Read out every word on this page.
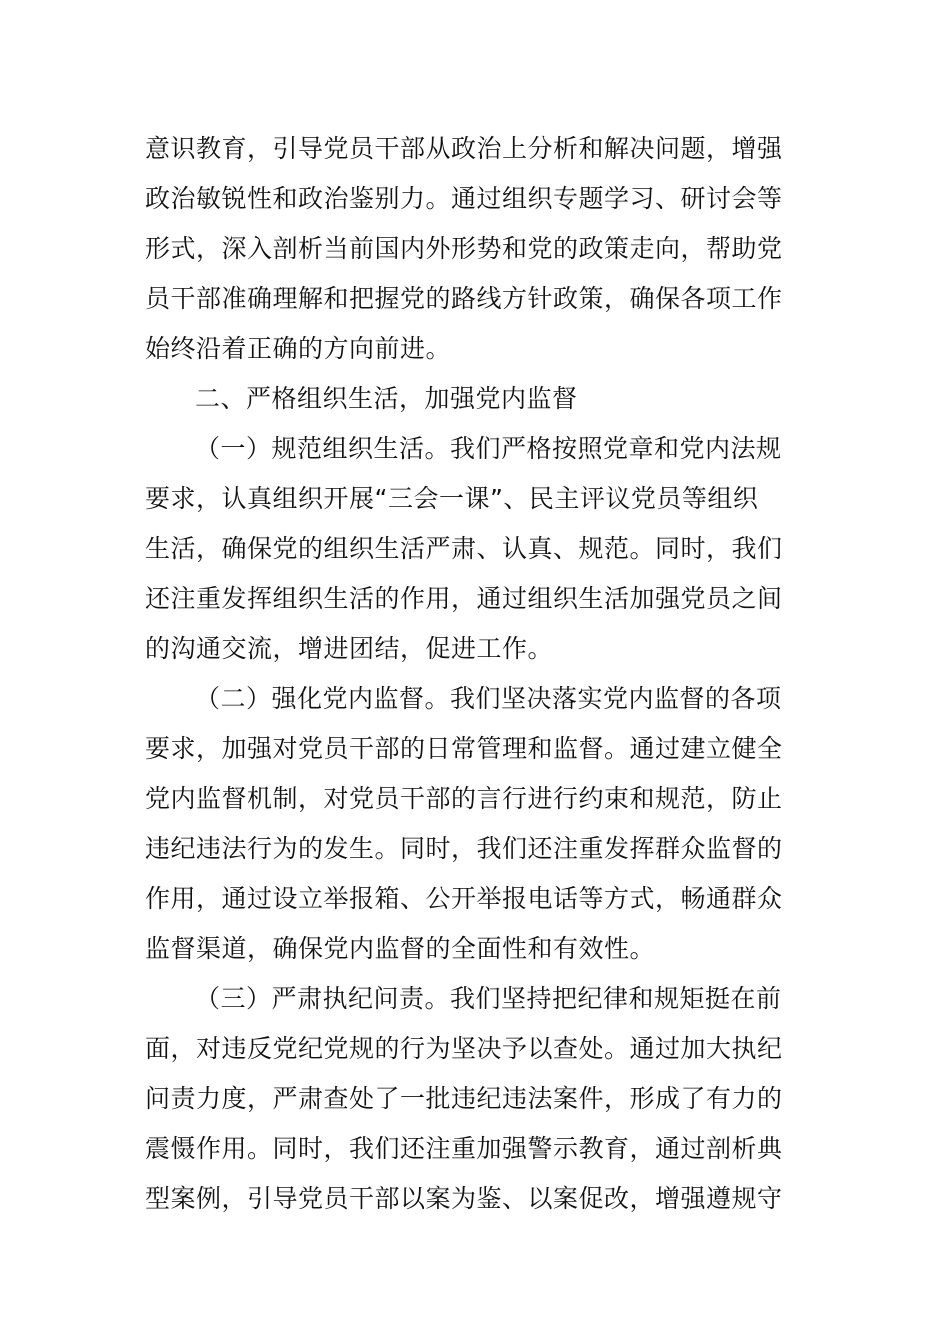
意识教育，引导党员干部从政治上分析和解决问题，增强
政治敏锐性和政治鉴别力。通过组织专题学习、研讨会等
形式，深入剖析当前国内外形势和党的政策走向，帮助党
员干部准确理解和把握党的路线方针政策，确保各项工作
始终沿着正确的方向前进。
二、严格组织生活，加强党内监督
（一）规范组织生活。我们严格按照党章和党内法规
要求，认真组织开展“三会一课”、民主评议党员等组织
生活，确保党的组织生活严肃、认真、规范。同时，我们
还注重发挥组织生活的作用，通过组织生活加强党员之间
的沟通交流，增进团结，促进工作。
（二）强化党内监督。我们坚决落实党内监督的各项
要求，加强对党员干部的日常管理和监督。通过建立健全
党内监督机制，对党员干部的言行进行约束和规范，防止
违纪违法行为的发生。同时，我们还注重发挥群众监督的
作用，通过设立举报箱、公开举报电话等方式，畅通群众
监督渠道，确保党内监督的全面性和有效性。
（三）严肃执纪问责。我们坚持把纪律和规矩挺在前
面，对违反党纪党规的行为坚决予以查处。通过加大执纪
问责力度，严肃查处了一批违纪违法案件，形成了有力的
震慑作用。同时，我们还注重加强警示教育，通过剖析典
型案例，引导党员干部以案为鉴、以案促改，增强遵规守
